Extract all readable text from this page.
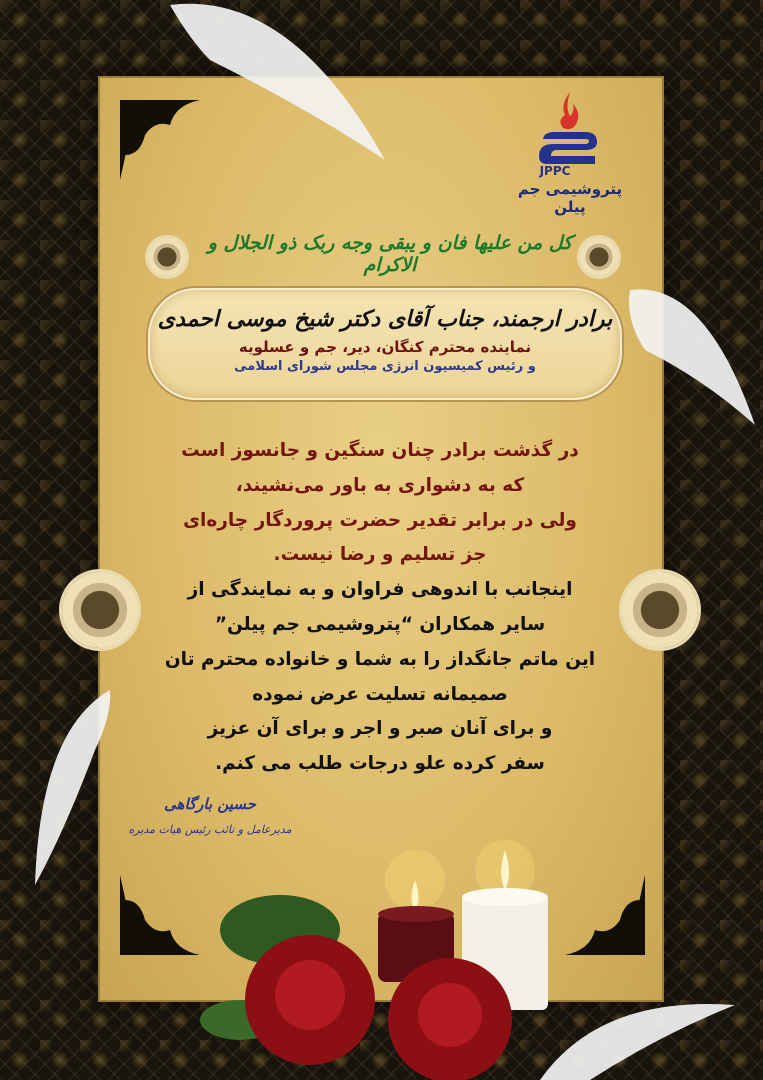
JPPC
پتروشیمی جم پیلن
کل من علیها فان و یبقی وجه ربک ذو الجلال و الاکرام
برادر ارجمند، جناب آقای دکتر شیخ موسی احمدی
نماینده محترم کنگان، دیر، جم و عسلویه
و رئیس کمیسیون انرژی مجلس شورای اسلامی
در گذشت برادر چنان سنگین و جانسوز است
که به دشواری به باور می‌نشیند،
ولی در برابر تقدیر حضرت پروردگار چاره‌ای
جز تسلیم و رضا نیست.
اینجانب با اندوهی فراوان و به نمایندگی از
سایر همکاران “پتروشیمی جم پیلن”
این ماتم جانگداز را به شما و خانواده محترم تان
صمیمانه تسلیت عرض نموده
و برای آنان صبر و اجر و برای آن عزیز
سفر کرده علو درجات طلب می کنم.
حسین بارگاهی
مدیرعامل و نائب رئیس هیات مدیره
